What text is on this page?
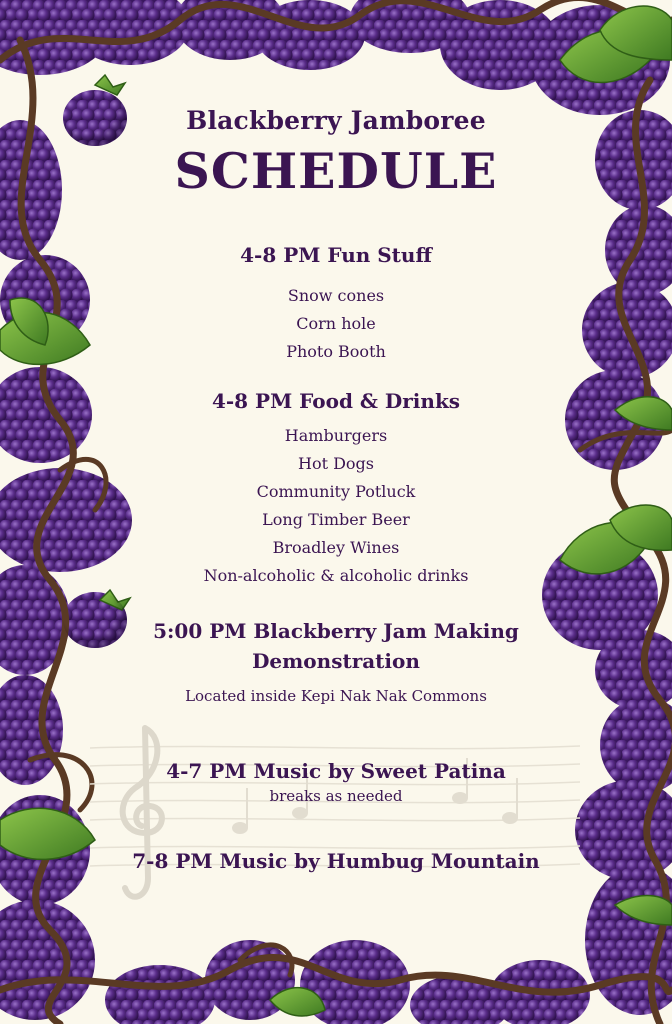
Blackberry Jamboree
SCHEDULE
4-8 PM Fun Stuff
Snow cones
Corn hole
Photo Booth
4-8 PM Food & Drinks
Hamburgers
Hot Dogs
Community Potluck
Long Timber Beer
Broadley Wines
Non-alcoholic & alcoholic drinks
5:00 PM Blackberry Jam Making
Demonstration
Located inside Kepi Nak Nak Commons
4-7 PM Music by Sweet Patina
breaks as needed
7-8 PM Music by Humbug Mountain
